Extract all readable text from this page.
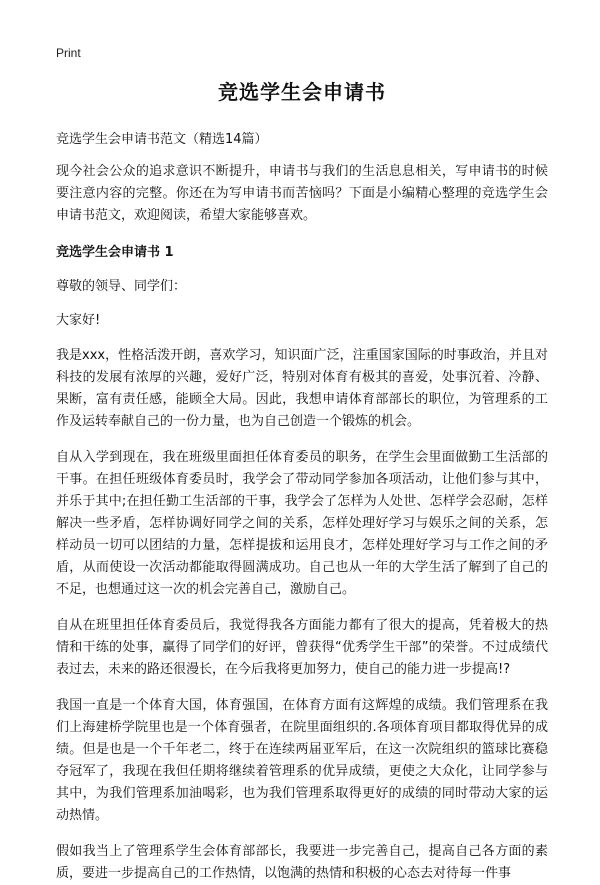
Print
竞选学生会申请书

竞选学生会申请书范文（精选14篇）

现今社会公众的追求意识不断提升，申请书与我们的生活息息相关，写申请书的时候要注意内容的完整。你还在为写申请书而苦恼吗？下面是小编精心整理的竞选学生会申请书范文，欢迎阅读，希望大家能够喜欢。

竞选学生会申请书 1

尊敬的领导、同学们：

大家好!

我是xxx，性格活泼开朗，喜欢学习，知识面广泛，注重国家国际的时事政治，并且对科技的发展有浓厚的兴趣，爱好广泛，特别对体育有极其的喜爱，处事沉着、冷静、果断，富有责任感，能顾全大局。因此，我想申请体育部部长的职位，为管理系的工作及运转奉献自己的一份力量，也为自己创造一个锻炼的机会。

自从入学到现在，我在班级里面担任体育委员的职务，在学生会里面做勤工生活部的干事。在担任班级体育委员时，我学会了带动同学参加各项活动，让他们参与其中，并乐于其中;在担任勤工生活部的干事，我学会了怎样为人处世、怎样学会忍耐，怎样解决一些矛盾，怎样协调好同学之间的关系，怎样处理好学习与娱乐之间的关系，怎样动员一切可以团结的力量，怎样提拔和运用良才，怎样处理好学习与工作之间的矛盾，从而使设一次活动都能取得圆满成功。自己也从一年的大学生活了解到了自己的不足，也想通过这一次的机会完善自己，激励自己。

自从在班里担任体育委员后，我觉得我各方面能力都有了很大的提高，凭着极大的热情和干练的处事，赢得了同学们的好评，曾获得“优秀学生干部”的荣誉。不过成绩代表过去，未来的路还很漫长，在今后我将更加努力，使自己的能力进一步提高!?

我国一直是一个体育大国，体育强国，在体育方面有这辉煌的成绩。我们管理系在我们上海建桥学院里也是一个体育强者，在院里面组织的.各项体育项目都取得优异的成绩。但是也是一个千年老二，终于在连续两届亚军后，在这一次院组织的篮球比赛稳夺冠军了，我现在我但任期将继续着管理系的优异成绩，更使之大众化，让同学参与其中，为我们管理系加油喝彩，也为我们管理系取得更好的成绩的同时带动大家的运动热情。

假如我当上了管理系学生会体育部部长，我要进一步完善自己，提高自己各方面的素质，要进一步提高自己的工作热情，以饱满的热情和积极的心态去对待每一件事
